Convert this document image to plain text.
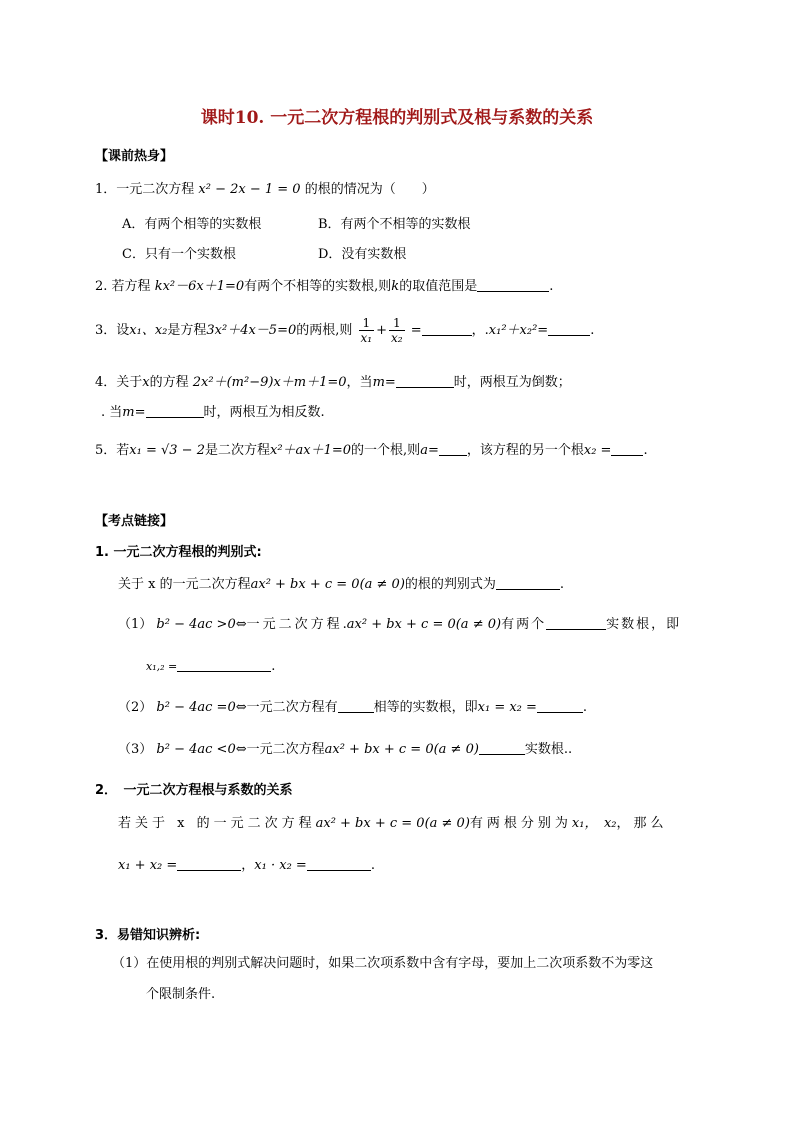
课时10. 一元二次方程根的判别式及根与系数的关系
【课前热身】
1．一元二次方程 x² − 2x − 1 = 0 的根的情况为（　　）
A．有两个相等的实数根	B．有两个不相等的实数根
C．只有一个实数根	D．没有实数根
2. 若方程 kx²－6x＋1=0有两个不相等的实数根,则k的取值范围是	.
3．设x₁、x₂是方程3x²＋4x－5=0的两根,则 $\frac{1}{\text{x₁}} + \frac{1}{\text{x₂}}$ =	，.x₁²＋x₂²=	.
4．关于x的方程 2x²＋(m²−9)x＋m＋1=0，当m=	时，两根互为倒数；
. 当m=	时，两根互为相反数.
5．若x₁ = √3 − 2是二次方程x²＋ax＋1=0的一个根,则a= ，该方程的另一个根x₂ = .
【考点链接】
1. 一元二次方程根的判别式:
关于 x 的一元二次方程ax² + bx + c = 0(a ≠ 0)的根的判别式为	.
（1） b² − 4ac >0⇔一元二次方程.ax² + bx + c = 0(a ≠ 0)有两个	实数根，即
x₁,₂ =	.
（2） b² − 4ac =0⇔一元二次方程有	相等的实数根，即x₁ = x₂ =	.
（3） b² − 4ac <0⇔一元二次方程ax² + bx + c = 0(a ≠ 0)	实数根..
2．　一元二次方程根与系数的关系
若关于 x 的一元二次方程ax² + bx + c = 0(a ≠ 0)有两根分别为x₁，　x₂，那么
x₁ + x₂ =	，x₁ · x₂ =	.
3．易错知识辨析:
（1）在使用根的判别式解决问题时，如果二次项系数中含有字母，要加上二次项系数不为零这
个限制条件.
